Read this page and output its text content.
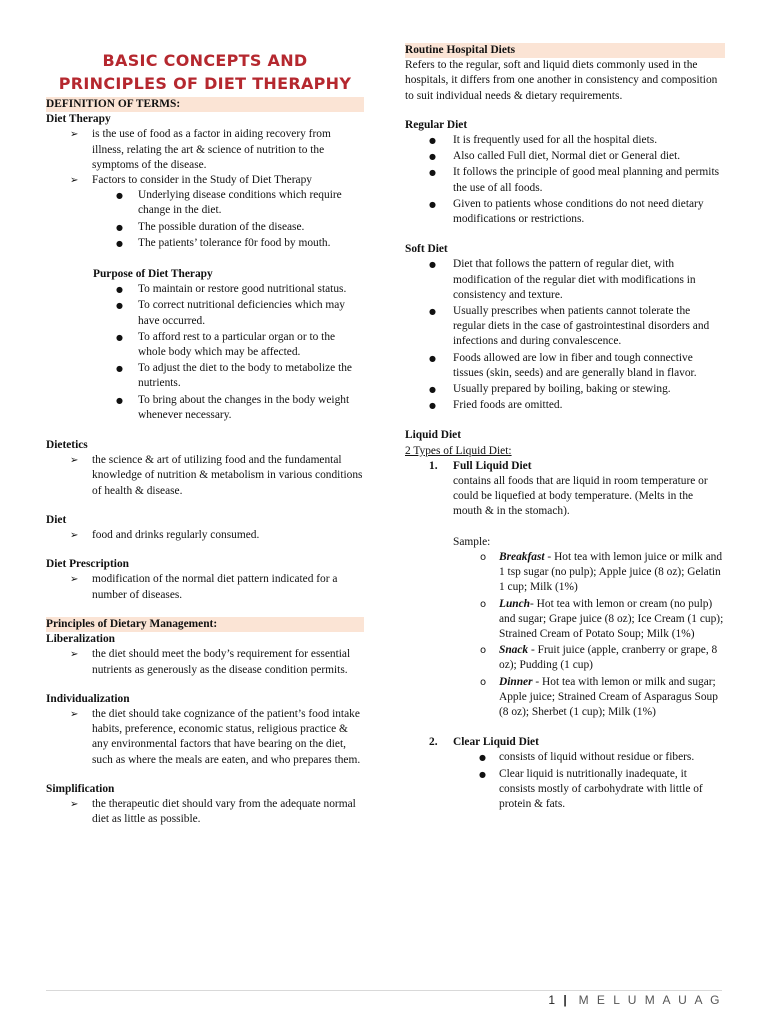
BASIC CONCEPTS AND
PRINCIPLES OF DIET THERAPHY
DEFINITION OF TERMS:
Diet Therapy
➢ is the use of food as a factor in aiding recovery from illness, relating the art & science of nutrition to the symptoms of the disease.
➢ Factors to consider in the Study of Diet Therapy
● Underlying disease conditions which require change in the diet.
● The possible duration of the disease.
● The patients’ tolerance f0r food by mouth.
Purpose of Diet Therapy
● To maintain or restore good nutritional status.
● To correct nutritional deficiencies which may have occurred.
● To afford rest to a particular organ or to the whole body which may be affected.
● To adjust the diet to the body to metabolize the nutrients.
● To bring about the changes in the body weight whenever necessary.
Dietetics
➢ the science & art of utilizing food and the fundamental knowledge of nutrition & metabolism in various conditions of health & disease.
Diet
➢ food and drinks regularly consumed.
Diet Prescription
➢ modification of the normal diet pattern indicated for a number of diseases.
Principles of Dietary Management:
Liberalization
➢ the diet should meet the body’s requirement for essential nutrients as generously as the disease condition permits.
Individualization
➢ the diet should take cognizance of the patient’s food intake habits, preference, economic status, religious practice & any environmental factors that have bearing on the diet, such as where the meals are eaten, and who prepares them.
Simplification
➢ the therapeutic diet should vary from the adequate normal diet as little as possible.
Routine Hospital Diets
Refers to the regular, soft and liquid diets commonly used in the hospitals, it differs from one another in consistency and composition to suit individual needs & dietary requirements.
Regular Diet
● It is frequently used for all the hospital diets.
● Also called Full diet, Normal diet or General diet.
● It follows the principle of good meal planning and permits the use of all foods.
● Given to patients whose conditions do not need dietary modifications or restrictions.
Soft Diet
● Diet that follows the pattern of regular diet, with modification of the regular diet with modifications in consistency and texture.
● Usually prescribes when patients cannot tolerate the regular diets in the case of gastrointestinal disorders and infections and during convalescence.
● Foods allowed are low in fiber and tough connective tissues (skin, seeds) and are generally bland in flavor.
● Usually prepared by boiling, baking or stewing.
● Fried foods are omitted.
Liquid Diet
2 Types of Liquid Diet:
1. Full Liquid Diet
contains all foods that are liquid in room temperature or could be liquefied at body temperature. (Melts in the mouth & in the stomach).
Sample:
o Breakfast - Hot tea with lemon juice or milk and 1 tsp sugar (no pulp); Apple juice (8 oz); Gelatin 1 cup; Milk (1%)
o Lunch- Hot tea with lemon or cream (no pulp) and sugar; Grape juice (8 oz); Ice Cream (1 cup); Strained Cream of Potato Soup; Milk (1%)
o Snack - Fruit juice (apple, cranberry or grape, 8 oz); Pudding (1 cup)
o Dinner - Hot tea with lemon or milk and sugar; Apple juice; Strained Cream of Asparagus Soup (8 oz); Sherbet (1 cup); Milk (1%)
2. Clear Liquid Diet
● consists of liquid without residue or fibers.
● Clear liquid is nutritionally inadequate, it consists mostly of carbohydrate with little of protein & fats.
1 | M E L U M A U A G
